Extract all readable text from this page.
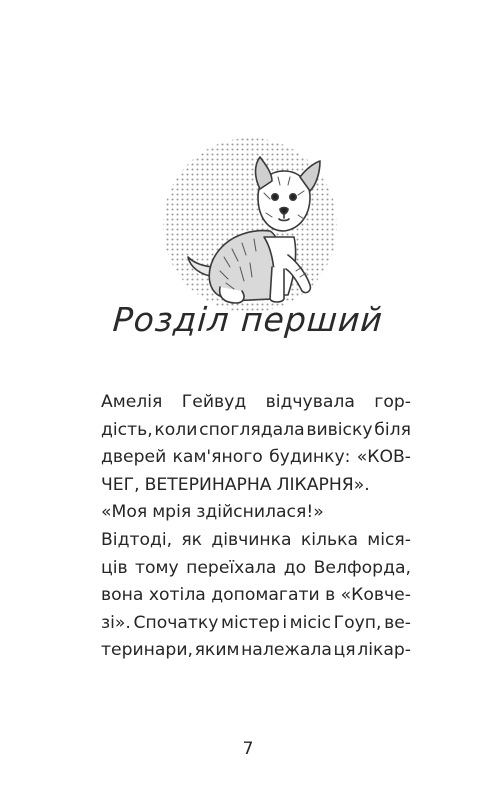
Розділ перший
Амелія Гейвуд відчувала гор-
дість, коли споглядала вивіску біля
дверей кам'яного будинку: «КОВ-
ЧЕГ, ВЕТЕРИНАРНА ЛІКАРНЯ».
«Моя мрія здійснилася!»
Відтоді, як дівчинка кілька міся-
ців тому переїхала до Велфорда,
вона хотіла допомагати в «Ковче-
зі». Спочатку містер і місіс Гоуп, ве-
теринари, яким належала ця лікар-
7
